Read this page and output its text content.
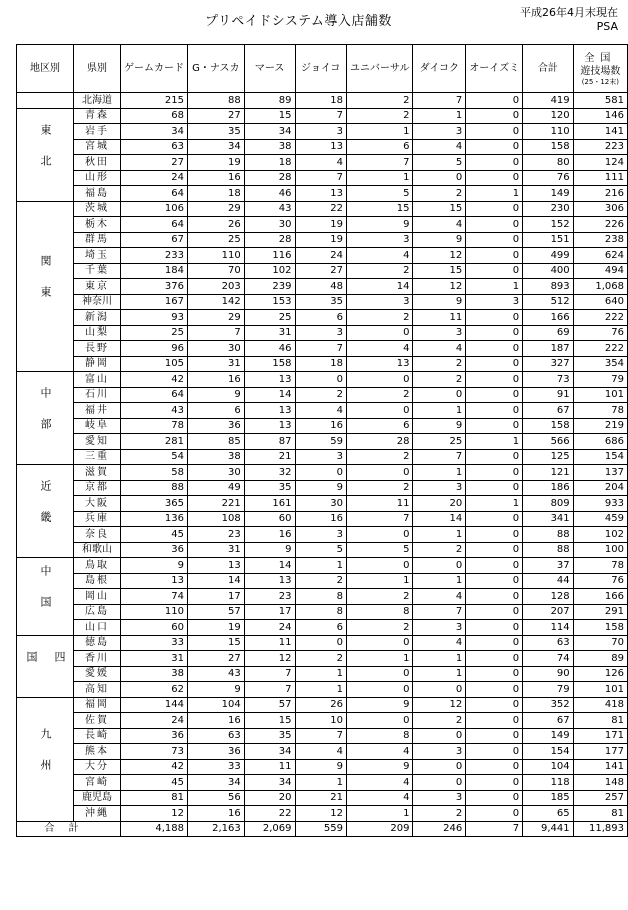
プリペイドシステム導入店舗数
平成26年4月末現在
PSA
地区別	県別	ゲームカード	G・ナスカ	マース	ジョイコ	ユニバーサル	ダイコク	オーイズミ	合計	全国
遊技場数
(25・12末)

	北海道	215	88	89	18	2	7	0	419	581
東北	青森	68	27	15	7	2	1	0	120	146
	岩手	34	35	34	3	1	3	0	110	141
	宮城	63	34	38	13	6	4	0	158	223
	秋田	27	19	18	4	7	5	0	80	124
	山形	24	16	28	7	1	0	0	76	111
	福島	64	18	46	13	5	2	1	149	216
関東	茨城	106	29	43	22	15	15	0	230	306
	栃木	64	26	30	19	9	4	0	152	226
	群馬	67	25	28	19	3	9	0	151	238
	埼玉	233	110	116	24	4	12	0	499	624
	千葉	184	70	102	27	2	15	0	400	494
	東京	376	203	239	48	14	12	1	893	1,068
	神奈川	167	142	153	35	3	9	3	512	640
	新潟	93	29	25	6	2	11	0	166	222
	山梨	25	7	31	3	0	3	0	69	76
	長野	96	30	46	7	4	4	0	187	222
	静岡	105	31	158	18	13	2	0	327	354
中部	富山	42	16	13	0	0	2	0	73	79
	石川	64	9	14	2	2	0	0	91	101
	福井	43	6	13	4	0	1	0	67	78
	岐阜	78	36	13	16	6	9	0	158	219
	愛知	281	85	87	59	28	25	1	566	686
	三重	54	38	21	3	2	7	0	125	154
近畿	滋賀	58	30	32	0	0	1	0	121	137
	京都	88	49	35	9	2	3	0	186	204
	大阪	365	221	161	30	11	20	1	809	933
	兵庫	136	108	60	16	7	14	0	341	459
	奈良	45	23	16	3	0	1	0	88	102
	和歌山	36	31	9	5	5	2	0	88	100
中国	鳥取	9	13	14	1	0	0	0	37	78
	島根	13	14	13	2	1	1	0	44	76
	岡山	74	17	23	8	2	4	0	128	166
	広島	110	57	17	8	8	7	0	207	291
	山口	60	19	24	6	2	3	0	114	158
四国	徳島	33	15	11	0	0	4	0	63	70
	香川	31	27	12	2	1	1	0	74	89
	愛媛	38	43	7	1	0	1	0	90	126
	高知	62	9	7	1	0	0	0	79	101
九州	福岡	144	104	57	26	9	12	0	352	418
	佐賀	24	16	15	10	0	2	0	67	81
	長崎	36	63	35	7	8	0	0	149	171
	熊本	73	36	34	4	4	3	0	154	177
	大分	42	33	11	9	9	0	0	104	141
	宮崎	45	34	34	1	4	0	0	118	148
	鹿児島	81	56	20	21	4	3	0	185	257
	沖縄	12	16	22	12	1	2	0	65	81
合計		4,188	2,163	2,069	559	209	246	7	9,441	11,893
